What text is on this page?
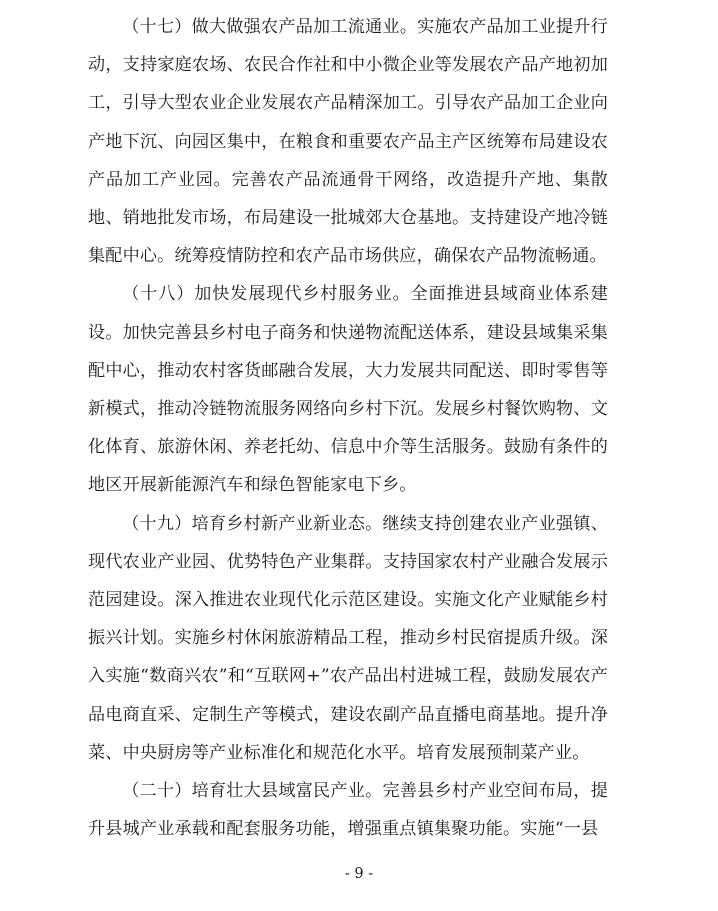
（十七）做大做强农产品加工流通业。实施农产品加工业提升行动，支持家庭农场、农民合作社和中小微企业等发展农产品产地初加工，引导大型农业企业发展农产品精深加工。引导农产品加工企业向产地下沉、向园区集中，在粮食和重要农产品主产区统筹布局建设农产品加工产业园。完善农产品流通骨干网络，改造提升产地、集散地、销地批发市场，布局建设一批城郊大仓基地。支持建设产地冷链集配中心。统筹疫情防控和农产品市场供应，确保农产品物流畅通。

（十八）加快发展现代乡村服务业。全面推进县域商业体系建设。加快完善县乡村电子商务和快递物流配送体系，建设县域集采集配中心，推动农村客货邮融合发展，大力发展共同配送、即时零售等新模式，推动冷链物流服务网络向乡村下沉。发展乡村餐饮购物、文化体育、旅游休闲、养老托幼、信息中介等生活服务。鼓励有条件的地区开展新能源汽车和绿色智能家电下乡。

（十九）培育乡村新产业新业态。继续支持创建农业产业强镇、现代农业产业园、优势特色产业集群。支持国家农村产业融合发展示范园建设。深入推进农业现代化示范区建设。实施文化产业赋能乡村振兴计划。实施乡村休闲旅游精品工程，推动乡村民宿提质升级。深入实施“数商兴农”和“互联网+”农产品出村进城工程，鼓励发展农产品电商直采、定制生产等模式，建设农副产品直播电商基地。提升净菜、中央厨房等产业标准化和规范化水平。培育发展预制菜产业。

（二十）培育壮大县域富民产业。完善县乡村产业空间布局，提升县城产业承载和配套服务功能，增强重点镇集聚功能。实施“一县

- 9 -
